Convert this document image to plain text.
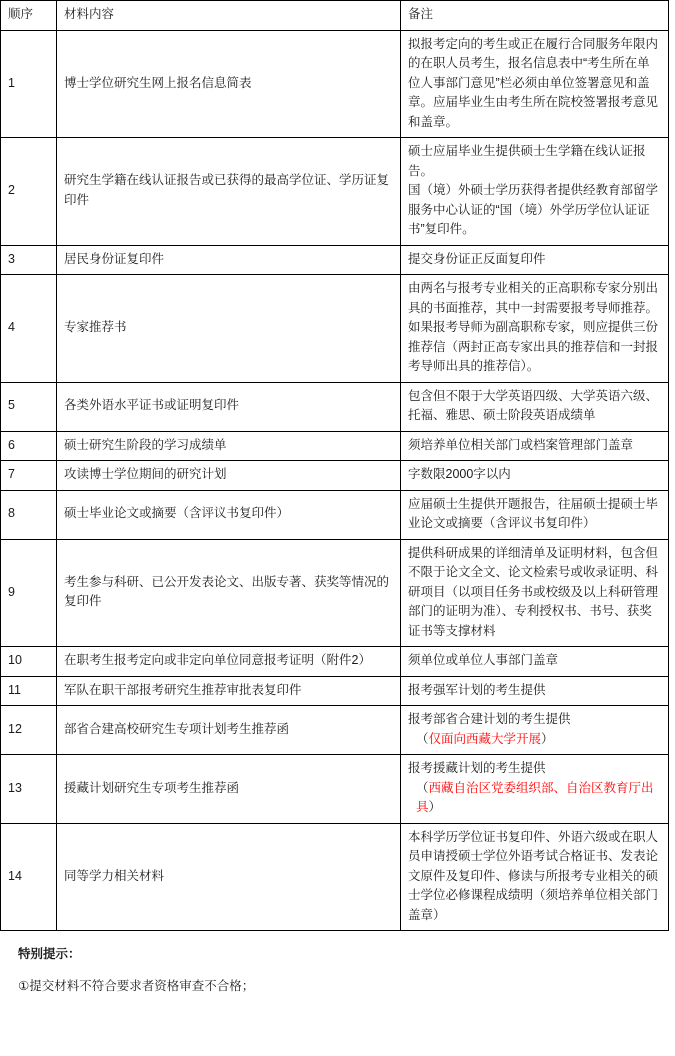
顺序	材料内容	备注
1	博士学位研究生网上报名信息简表	拟报考定向的考生或正在履行合同服务年限内的在职人员考生，报名信息表中“考生所在单位人事部门意见”栏必须由单位签署意见和盖章。应届毕业生由考生所在院校签署报考意见和盖章。

2	研究生学籍在线认证报告或已获得的最高学位证、学历证复印件	硕士应届毕业生提供硕士生学籍在线认证报告。
国（境）外硕士学历获得者提供经教育部留学服务中心认证的“国（境）外学历学位认证证书”复印件。

3	居民身份证复印件	提交身份证正反面复印件

4	专家推荐书	由两名与报考专业相关的正高职称专家分别出具的书面推荐，其中一封需要报考导师推荐。如果报考导师为副高职称专家，则应提供三份推荐信（两封正高专家出具的推荐信和一封报考导师出具的推荐信）。

5	各类外语水平证书或证明复印件	包含但不限于大学英语四级、大学英语六级、托福、雅思、硕士阶段英语成绩单

6	硕士研究生阶段的学习成绩单	须培养单位相关部门或档案管理部门盖章

7	攻读博士学位期间的研究计划	字数限2000字以内

8	硕士毕业论文或摘要（含评议书复印件）	应届硕士生提供开题报告，往届硕士提硕士毕业论文或摘要（含评议书复印件）

9	考生参与科研、已公开发表论文、出版专著、获奖等情况的复印件	提供科研成果的详细清单及证明材料，包含但不限于论文全文、论文检索号或收录证明、科研项目（以项目任务书或校级及以上科研管理部门的证明为准）、专利授权书、书号、获奖证书等支撑材料

10	在职考生报考定向或非定向单位同意报考证明（附件2）	须单位或单位人事部门盖章

11	军队在职干部报考研究生推荐审批表复印件	报考强军计划的考生提供

12	部省合建高校研究生专项计划考生推荐函	报考部省合建计划的考生提供
（仅面向西藏大学开展）

13	援藏计划研究生专项考生推荐函	报考援藏计划的考生提供
（西藏自治区党委组织部、自治区教育厅出具）

14	同等学力相关材料	本科学历学位证书复印件、外语六级或在职人员申请授硕士学位外语考试合格证书、发表论文原件及复印件、修读与所报考专业相关的硕士学位必修课程成绩明（须培养单位相关部门盖章）

特别提示：

①提交材料不符合要求者资格审查不合格；
